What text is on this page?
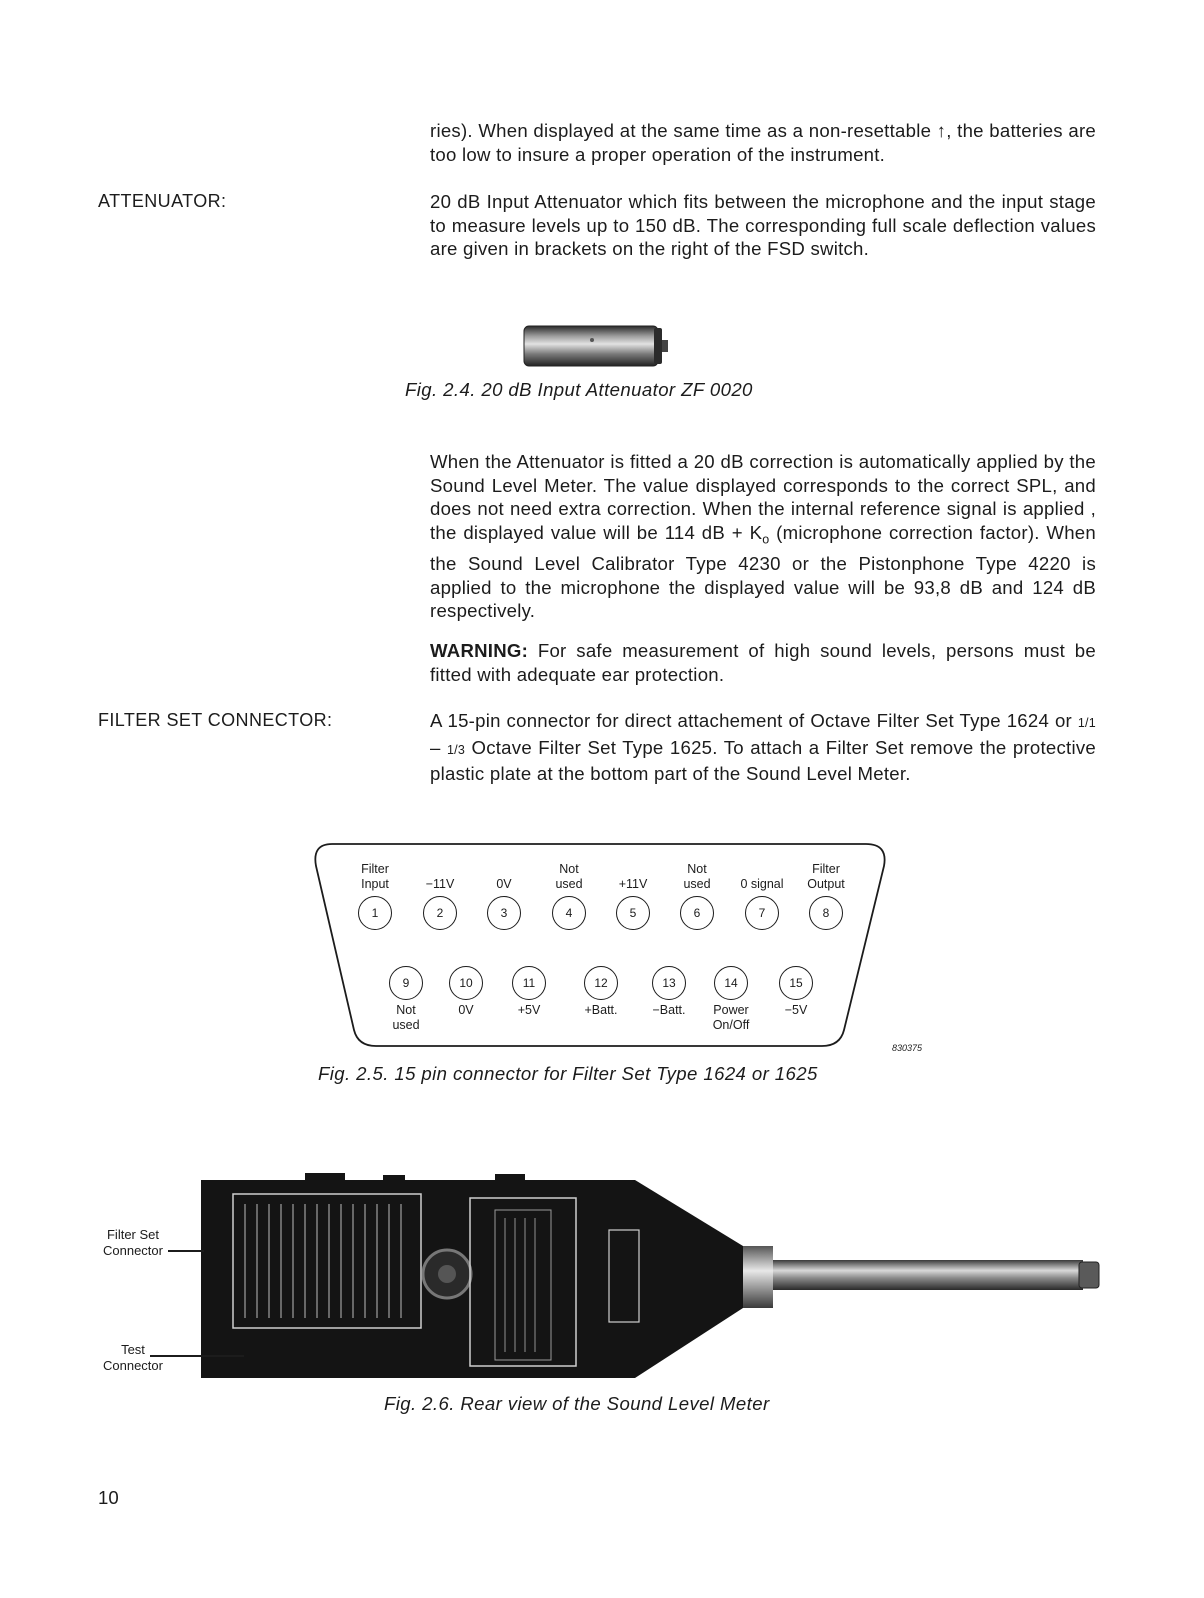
ries). When displayed at the same time as a non-resettable ↑, the batteries are too low to insure a proper operation of the instrument.
ATTENUATOR:	20 dB Input Attenuator which fits between the microphone and the input stage to measure levels up to 150 dB. The corresponding full scale deflection values are given in brackets on the right of the FSD switch.
Fig. 2.4. 20 dB Input Attenuator ZF 0020
When the Attenuator is fitted a 20 dB correction is automatically applied by the Sound Level Meter. The value displayed corresponds to the correct SPL, and does not need extra correction. When the internal reference signal is applied , the displayed value will be 114 dB + $K_o$ (microphone correction factor). When the Sound Level Calibrator Type 4230 or the Pistonphone Type 4220 is applied to the microphone the displayed value will be 93,8 dB and 124 dB respectively.
WARNING: For safe measurement of high sound levels, persons must be fitted with adequate ear protection.
FILTER SET CONNECTOR:	A 15-pin connector for direct attachement of Octave Filter Set Type 1624 or 1/1 – 1/3 Octave Filter Set Type 1625. To attach a Filter Set remove the protective plastic plate at the bottom part of the Sound Level Meter.
Filter Input
1
−11V
2
0V
3
Not used
4
+11V
5
Not used
6
0 signal
7
Filter Output
8
9
Not used
10
0V
11
+5V
12
+Batt.
13
−Batt.
14
Power On/Off
15
−5V
830375
Fig. 2.5. 15 pin connector for Filter Set Type 1624 or 1625
Filter Set Connector
Test Connector
Fig. 2.6. Rear view of the Sound Level Meter
10
